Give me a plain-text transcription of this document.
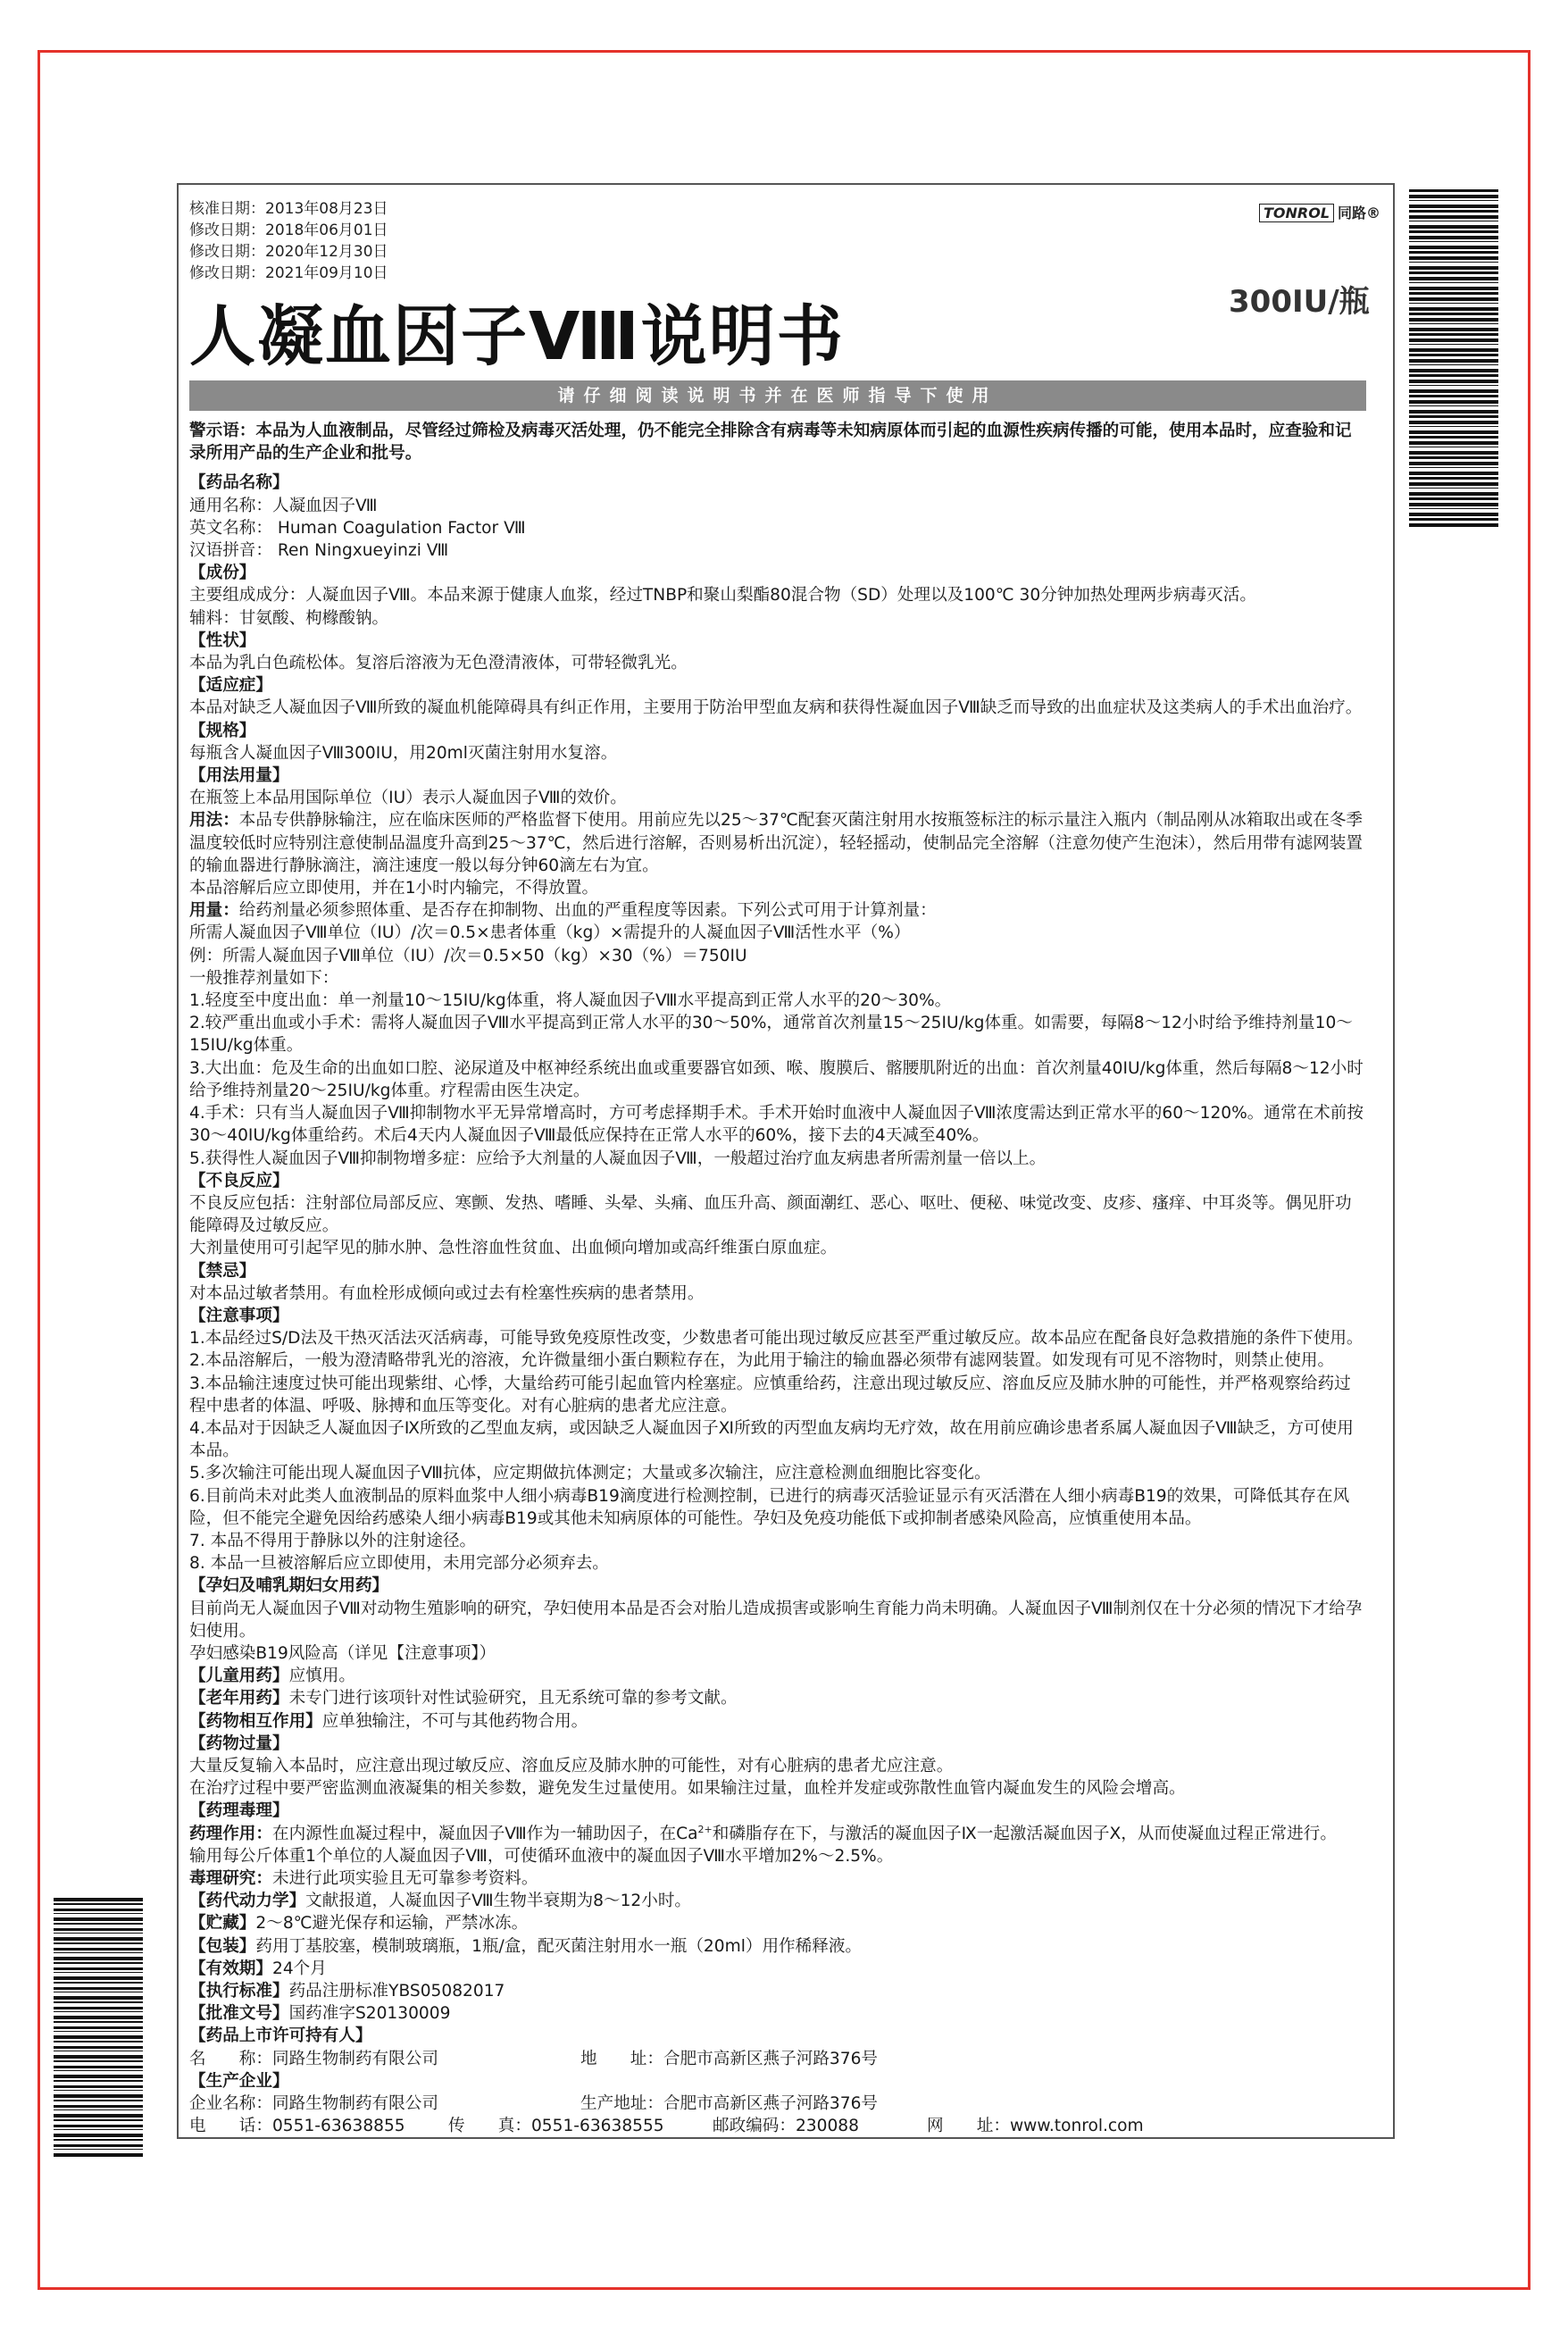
核准日期：2013年08月23日
修改日期：2018年06月01日
修改日期：2020年12月30日
修改日期：2021年09月10日
TONROL 同路®
人凝血因子Ⅷ说明书	300IU/瓶
请仔细阅读说明书并在医师指导下使用
警示语：本品为人血液制品，尽管经过筛检及病毒灭活处理，仍不能完全排除含有病毒等未知病原体而引起的血源性疾病传播的可能，使用本品时，应查验和记录所用产品的生产企业和批号。
【药品名称】
通用名称：人凝血因子Ⅷ
英文名称： Human Coagulation Factor Ⅷ
汉语拼音： Ren Ningxueyinzi Ⅷ
【成份】
主要组成成分：人凝血因子Ⅷ。本品来源于健康人血浆，经过TNBP和聚山梨酯80混合物（SD）处理以及100℃ 30分钟加热处理两步病毒灭活。
辅料：甘氨酸、枸橼酸钠。
【性状】
本品为乳白色疏松体。复溶后溶液为无色澄清液体，可带轻微乳光。
【适应症】
本品对缺乏人凝血因子Ⅷ所致的凝血机能障碍具有纠正作用，主要用于防治甲型血友病和获得性凝血因子Ⅷ缺乏而导致的出血症状及这类病人的手术出血治疗。
【规格】
每瓶含人凝血因子Ⅷ300IU，用20ml灭菌注射用水复溶。
【用法用量】
在瓶签上本品用国际单位（IU）表示人凝血因子Ⅷ的效价。
用法：本品专供静脉输注，应在临床医师的严格监督下使用。用前应先以25～37℃配套灭菌注射用水按瓶签标注的标示量注入瓶内（制品刚从冰箱取出或在冬季温度较低时应特别注意使制品温度升高到25～37℃，然后进行溶解，否则易析出沉淀），轻轻摇动，使制品完全溶解（注意勿使产生泡沫），然后用带有滤网装置的输血器进行静脉滴注，滴注速度一般以每分钟60滴左右为宜。
本品溶解后应立即使用，并在1小时内输完，不得放置。
用量：给药剂量必须参照体重、是否存在抑制物、出血的严重程度等因素。下列公式可用于计算剂量：
所需人凝血因子Ⅷ单位（IU）/次＝0.5×患者体重（kg）×需提升的人凝血因子Ⅷ活性水平（%）
例：所需人凝血因子Ⅷ单位（IU）/次＝0.5×50（kg）×30（%）＝750IU
一般推荐剂量如下：
1.轻度至中度出血：单一剂量10～15IU/kg体重，将人凝血因子Ⅷ水平提高到正常人水平的20～30%。
2.较严重出血或小手术：需将人凝血因子Ⅷ水平提高到正常人水平的30～50%，通常首次剂量15～25IU/kg体重。如需要，每隔8～12小时给予维持剂量10～15IU/kg体重。
3.大出血：危及生命的出血如口腔、泌尿道及中枢神经系统出血或重要器官如颈、喉、腹膜后、髂腰肌附近的出血：首次剂量40IU/kg体重，然后每隔8～12小时给予维持剂量20～25IU/kg体重。疗程需由医生决定。
4.手术：只有当人凝血因子Ⅷ抑制物水平无异常增高时，方可考虑择期手术。手术开始时血液中人凝血因子Ⅷ浓度需达到正常水平的60～120%。通常在术前按30～40IU/kg体重给药。术后4天内人凝血因子Ⅷ最低应保持在正常人水平的60%，接下去的4天减至40%。
5.获得性人凝血因子Ⅷ抑制物增多症：应给予大剂量的人凝血因子Ⅷ，一般超过治疗血友病患者所需剂量一倍以上。
【不良反应】
不良反应包括：注射部位局部反应、寒颤、发热、嗜睡、头晕、头痛、血压升高、颜面潮红、恶心、呕吐、便秘、味觉改变、皮疹、瘙痒、中耳炎等。偶见肝功能障碍及过敏反应。
大剂量使用可引起罕见的肺水肿、急性溶血性贫血、出血倾向增加或高纤维蛋白原血症。
【禁忌】
对本品过敏者禁用。有血栓形成倾向或过去有栓塞性疾病的患者禁用。
【注意事项】
1.本品经过S/D法及干热灭活法灭活病毒，可能导致免疫原性改变，少数患者可能出现过敏反应甚至严重过敏反应。故本品应在配备良好急救措施的条件下使用。
2.本品溶解后，一般为澄清略带乳光的溶液，允许微量细小蛋白颗粒存在，为此用于输注的输血器必须带有滤网装置。如发现有可见不溶物时，则禁止使用。
3.本品输注速度过快可能出现紫绀、心悸，大量给药可能引起血管内栓塞症。应慎重给药，注意出现过敏反应、溶血反应及肺水肿的可能性，并严格观察给药过程中患者的体温、呼吸、脉搏和血压等变化。对有心脏病的患者尤应注意。
4.本品对于因缺乏人凝血因子Ⅸ所致的乙型血友病，或因缺乏人凝血因子Ⅺ所致的丙型血友病均无疗效，故在用前应确诊患者系属人凝血因子Ⅷ缺乏，方可使用本品。
5.多次输注可能出现人凝血因子Ⅷ抗体，应定期做抗体测定；大量或多次输注，应注意检测血细胞比容变化。
6.目前尚未对此类人血液制品的原料血浆中人细小病毒B19滴度进行检测控制，已进行的病毒灭活验证显示有灭活潜在人细小病毒B19的效果，可降低其存在风险，但不能完全避免因给药感染人细小病毒B19或其他未知病原体的可能性。孕妇及免疫功能低下或抑制者感染风险高，应慎重使用本品。
7. 本品不得用于静脉以外的注射途径。
8. 本品一旦被溶解后应立即使用，未用完部分必须弃去。
【孕妇及哺乳期妇女用药】
目前尚无人凝血因子Ⅷ对动物生殖影响的研究，孕妇使用本品是否会对胎儿造成损害或影响生育能力尚未明确。人凝血因子Ⅷ制剂仅在十分必须的情况下才给孕妇使用。
孕妇感染B19风险高（详见【注意事项】）
【儿童用药】应慎用。
【老年用药】未专门进行该项针对性试验研究，且无系统可靠的参考文献。
【药物相互作用】应单独输注，不可与其他药物合用。
【药物过量】
大量反复输入本品时，应注意出现过敏反应、溶血反应及肺水肿的可能性，对有心脏病的患者尤应注意。
在治疗过程中要严密监测血液凝集的相关参数，避免发生过量使用。如果输注过量，血栓并发症或弥散性血管内凝血发生的风险会增高。
【药理毒理】
药理作用：在内源性血凝过程中，凝血因子Ⅷ作为一辅助因子，在$Ca^{2+}$和磷脂存在下，与激活的凝血因子Ⅸ一起激活凝血因子Ⅹ，从而使凝血过程正常进行。
输用每公斤体重1个单位的人凝血因子Ⅷ，可使循环血液中的凝血因子Ⅷ水平增加2%～2.5%。
毒理研究：未进行此项实验且无可靠参考资料。
【药代动力学】文献报道，人凝血因子Ⅷ生物半衰期为8～12小时。
【贮藏】2～8℃避光保存和运输，严禁冰冻。
【包装】药用丁基胶塞，模制玻璃瓶，1瓶/盒，配灭菌注射用水一瓶（20ml）用作稀释液。
【有效期】24个月
【执行标准】药品注册标准YBS05082017
【批准文号】国药准字S20130009
【药品上市许可持有人】
名　　称：同路生物制药有限公司	地　　址：合肥市高新区燕子河路376号
【生产企业】
企业名称：同路生物制药有限公司	生产地址：合肥市高新区燕子河路376号
电　　话：0551-63638855	传　　真：0551-63638555	邮政编码：230088	网　　址：www.tonrol.com
